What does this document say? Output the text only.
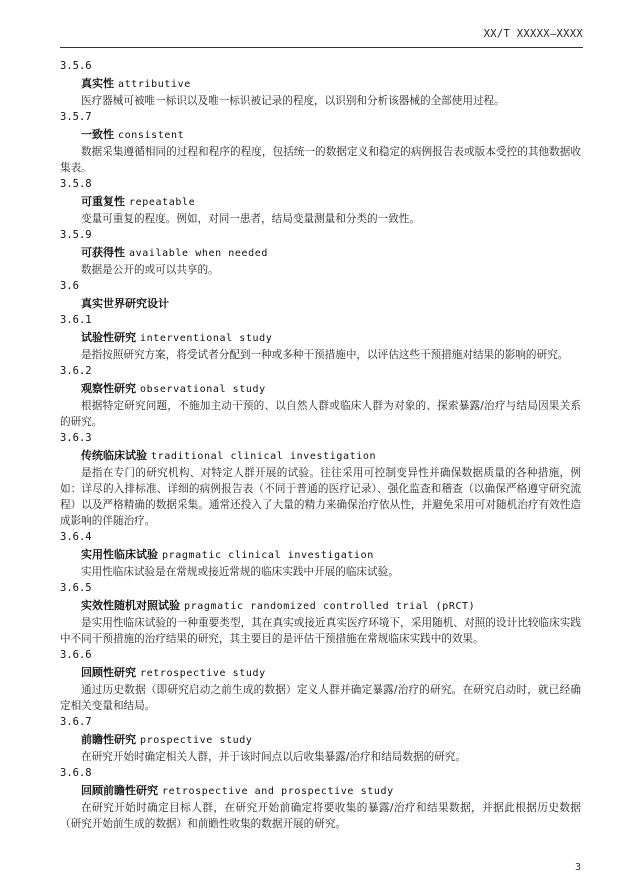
XX/T XXXXX—XXXX
3.5.6
真实性 attributive
医疗器械可被唯一标识以及唯一标识被记录的程度，以识别和分析该器械的全部使用过程。
3.5.7
一致性 consistent
数据采集遵循相同的过程和程序的程度，包括统一的数据定义和稳定的病例报告表或版本受控的其他数据收集表。
3.5.8
可重复性 repeatable
变量可重复的程度。例如，对同一患者，结局变量测量和分类的一致性。
3.5.9
可获得性 available when needed
数据是公开的或可以共享的。
3.6
真实世界研究设计
3.6.1
试验性研究 interventional study
是指按照研究方案，将受试者分配到一种或多种干预措施中，以评估这些干预措施对结果的影响的研究。
3.6.2
观察性研究 observational study
根据特定研究问题，不施加主动干预的、以自然人群或临床人群为对象的、探索暴露/治疗与结局因果关系的研究。
3.6.3
传统临床试验 traditional clinical investigation
是指在专门的研究机构、对特定人群开展的试验。往往采用可控制变异性并确保数据质量的各种措施，例如：详尽的入排标准、详细的病例报告表（不同于普通的医疗记录）、强化监查和稽查（以确保严格遵守研究流程）以及严格精确的数据采集。通常还投入了大量的精力来确保治疗依从性，并避免采用可对随机治疗有效性造成影响的伴随治疗。
3.6.4
实用性临床试验 pragmatic clinical investigation
实用性临床试验是在常规或接近常规的临床实践中开展的临床试验。
3.6.5
实效性随机对照试验 pragmatic randomized controlled trial (pRCT)
是实用性临床试验的一种重要类型，其在真实或接近真实医疗环境下，采用随机、对照的设计比较临床实践中不同干预措施的治疗结果的研究，其主要目的是评估干预措施在常规临床实践中的效果。
3.6.6
回顾性研究 retrospective study
通过历史数据（即研究启动之前生成的数据）定义人群并确定暴露/治疗的研究。在研究启动时，就已经确定相关变量和结局。
3.6.7
前瞻性研究 prospective study
在研究开始时确定相关人群，并于该时间点以后收集暴露/治疗和结局数据的研究。
3.6.8
回顾前瞻性研究 retrospective and prospective study
在研究开始时确定目标人群，在研究开始前确定将要收集的暴露/治疗和结果数据，并据此根据历史数据（研究开始前生成的数据）和前瞻性收集的数据开展的研究。
3
